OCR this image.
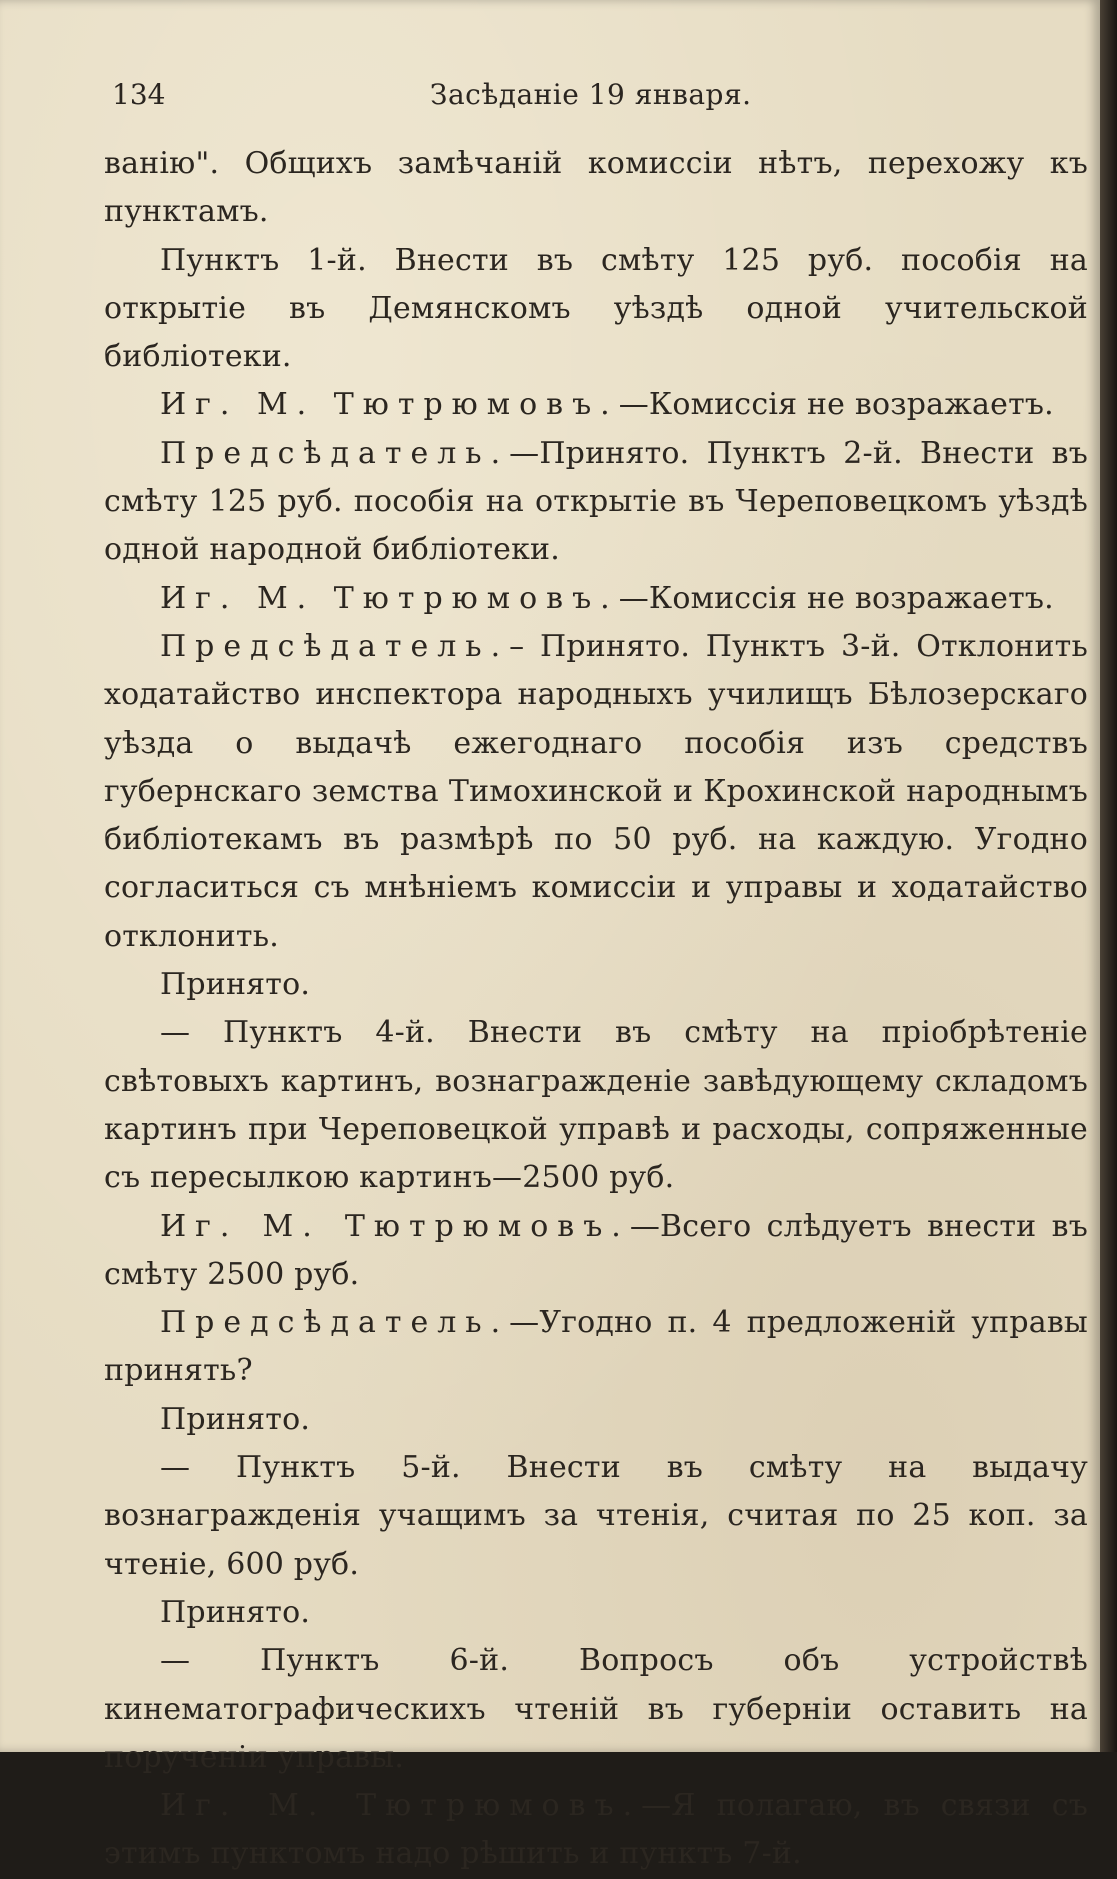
134	Засѣданіе 19 января.

ванію". Общихъ замѣчаній комиссіи нѣтъ, перехожу къ пунктамъ.

Пунктъ 1-й. Внести въ смѣту 125 руб. пособія на открытіе въ Демянскомъ уѣздѣ одной учительской библіотеки.

Иг. М. Тютрюмовъ.—Комиссія не возражаетъ.

Предсѣдатель.—Принято. Пунктъ 2-й. Внести въ смѣту 125 руб. пособія на открытіе въ Череповецкомъ уѣздѣ одной народной библіотеки.

Иг. М. Тютрюмовъ.—Комиссія не возражаетъ.

Предсѣдатель.– Принято. Пунктъ 3-й. Отклонить ходатайство инспектора народныхъ училищъ Бѣлозерскаго уѣзда о выдачѣ ежегоднаго пособія изъ средствъ губернскаго земства Тимохинской и Крохинской народнымъ библіотекамъ въ размѣрѣ по 50 руб. на каждую. Угодно согласиться съ мнѣніемъ комиссіи и управы и ходатайство отклонить.

Принято.

— Пунктъ 4-й. Внести въ смѣту на пріобрѣтеніе свѣтовыхъ картинъ, вознагражденіе завѣдующему складомъ картинъ при Череповецкой управѣ и расходы, сопряженные съ пересылкою картинъ—2500 руб.

Иг. М. Тютрюмовъ.—Всего слѣдуетъ внести въ смѣту 2500 руб.

Предсѣдатель.—Угодно п. 4 предложеній управы принять?

Принято.

— Пунктъ 5-й. Внести въ смѣту на выдачу вознагражденія учащимъ за чтенія, считая по 25 коп. за чтеніе, 600 руб.

Принято.

— Пунктъ 6-й. Вопросъ объ устройствѣ кинематографическихъ чтеній въ губерніи оставить на порученіи управы.

Иг. М. Тютрюмовъ.—Я полагаю, въ связи съ этимъ пунктомъ надо рѣшить и пунктъ 7-й.
